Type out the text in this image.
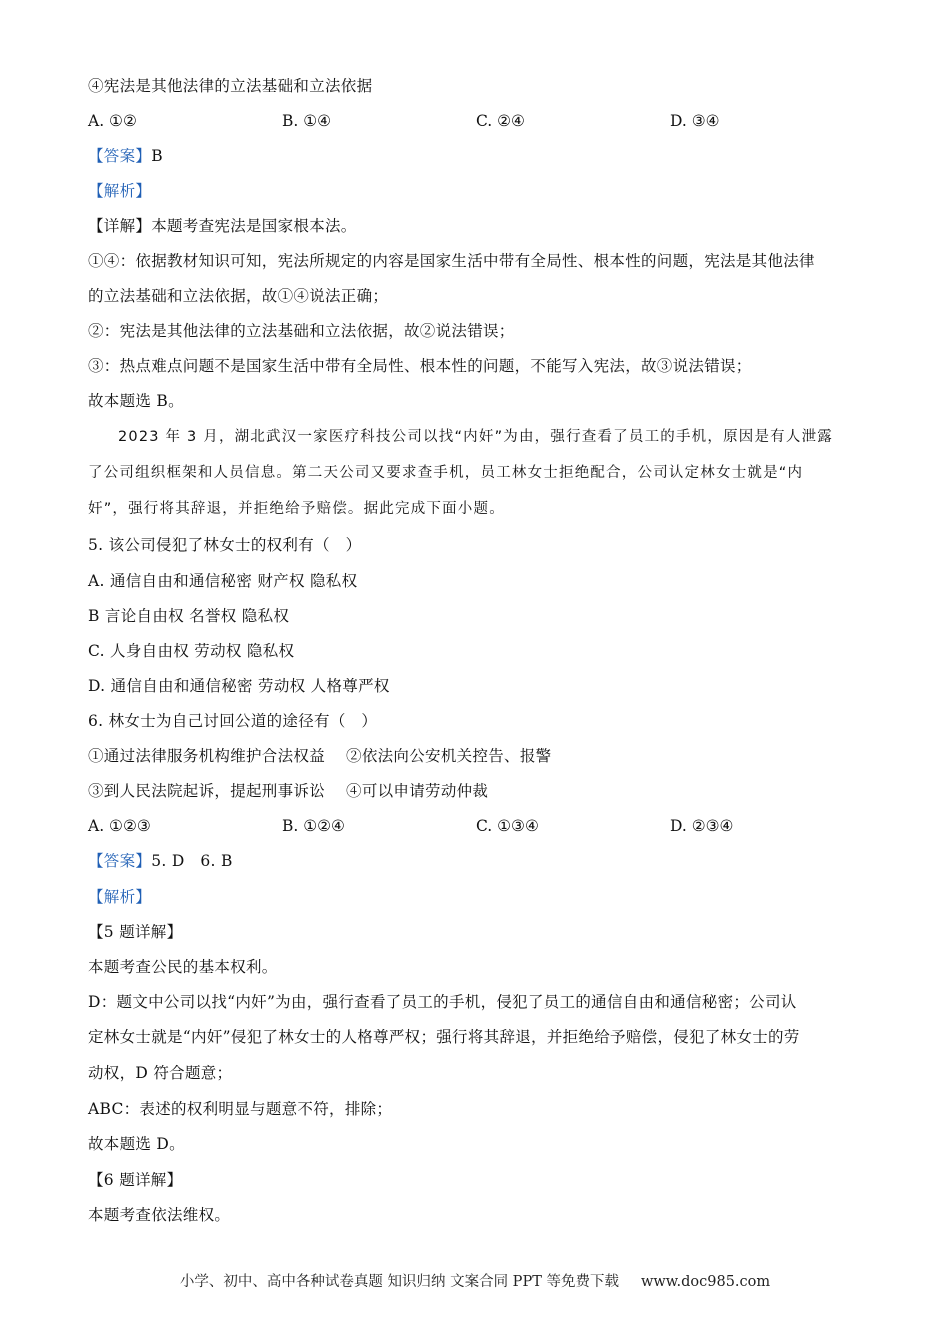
④宪法是其他法律的立法基础和立法依据
A. ①②	B. ①④	C. ②④	D. ③④
【答案】B
【解析】
【详解】本题考查宪法是国家根本法。
①④：依据教材知识可知，宪法所规定的内容是国家生活中带有全局性、根本性的问题，宪法是其他法律
的立法基础和立法依据，故①④说法正确；
②：宪法是其他法律的立法基础和立法依据，故②说法错误；
③：热点难点问题不是国家生活中带有全局性、根本性的问题，不能写入宪法，故③说法错误；
故本题选 B。
2023 年 3 月，湖北武汉一家医疗科技公司以找“内奸”为由，强行查看了员工的手机，原因是有人泄露
了公司组织框架和人员信息。第二天公司又要求查手机，员工林女士拒绝配合，公司认定林女士就是“内
奸”，强行将其辞退，并拒绝给予赔偿。据此完成下面小题。
5. 该公司侵犯了林女士的权利有（　）
A. 通信自由和通信秘密 财产权 隐私权
B 言论自由权 名誉权 隐私权
C. 人身自由权 劳动权 隐私权
D. 通信自由和通信秘密 劳动权 人格尊严权
6. 林女士为自己讨回公道的途径有（　）
①通过法律服务机构维护合法权益　 ②依法向公安机关控告、报警
③到人民法院起诉，提起刑事诉讼　 ④可以申请劳动仲裁
A. ①②③	B. ①②④	C. ①③④	D. ②③④
【答案】5. D　6. B
【解析】
【5 题详解】
本题考查公民的基本权利。
D：题文中公司以找“内奸”为由，强行查看了员工的手机，侵犯了员工的通信自由和通信秘密；公司认
定林女士就是“内奸”侵犯了林女士的人格尊严权；强行将其辞退，并拒绝给予赔偿，侵犯了林女士的劳
动权，D 符合题意；
ABC：表述的权利明显与题意不符，排除；
故本题选 D。
【6 题详解】
本题考查依法维权。
小学、初中、高中各种试卷真题 知识归纳 文案合同 PPT 等免费下载 www.doc985.com
